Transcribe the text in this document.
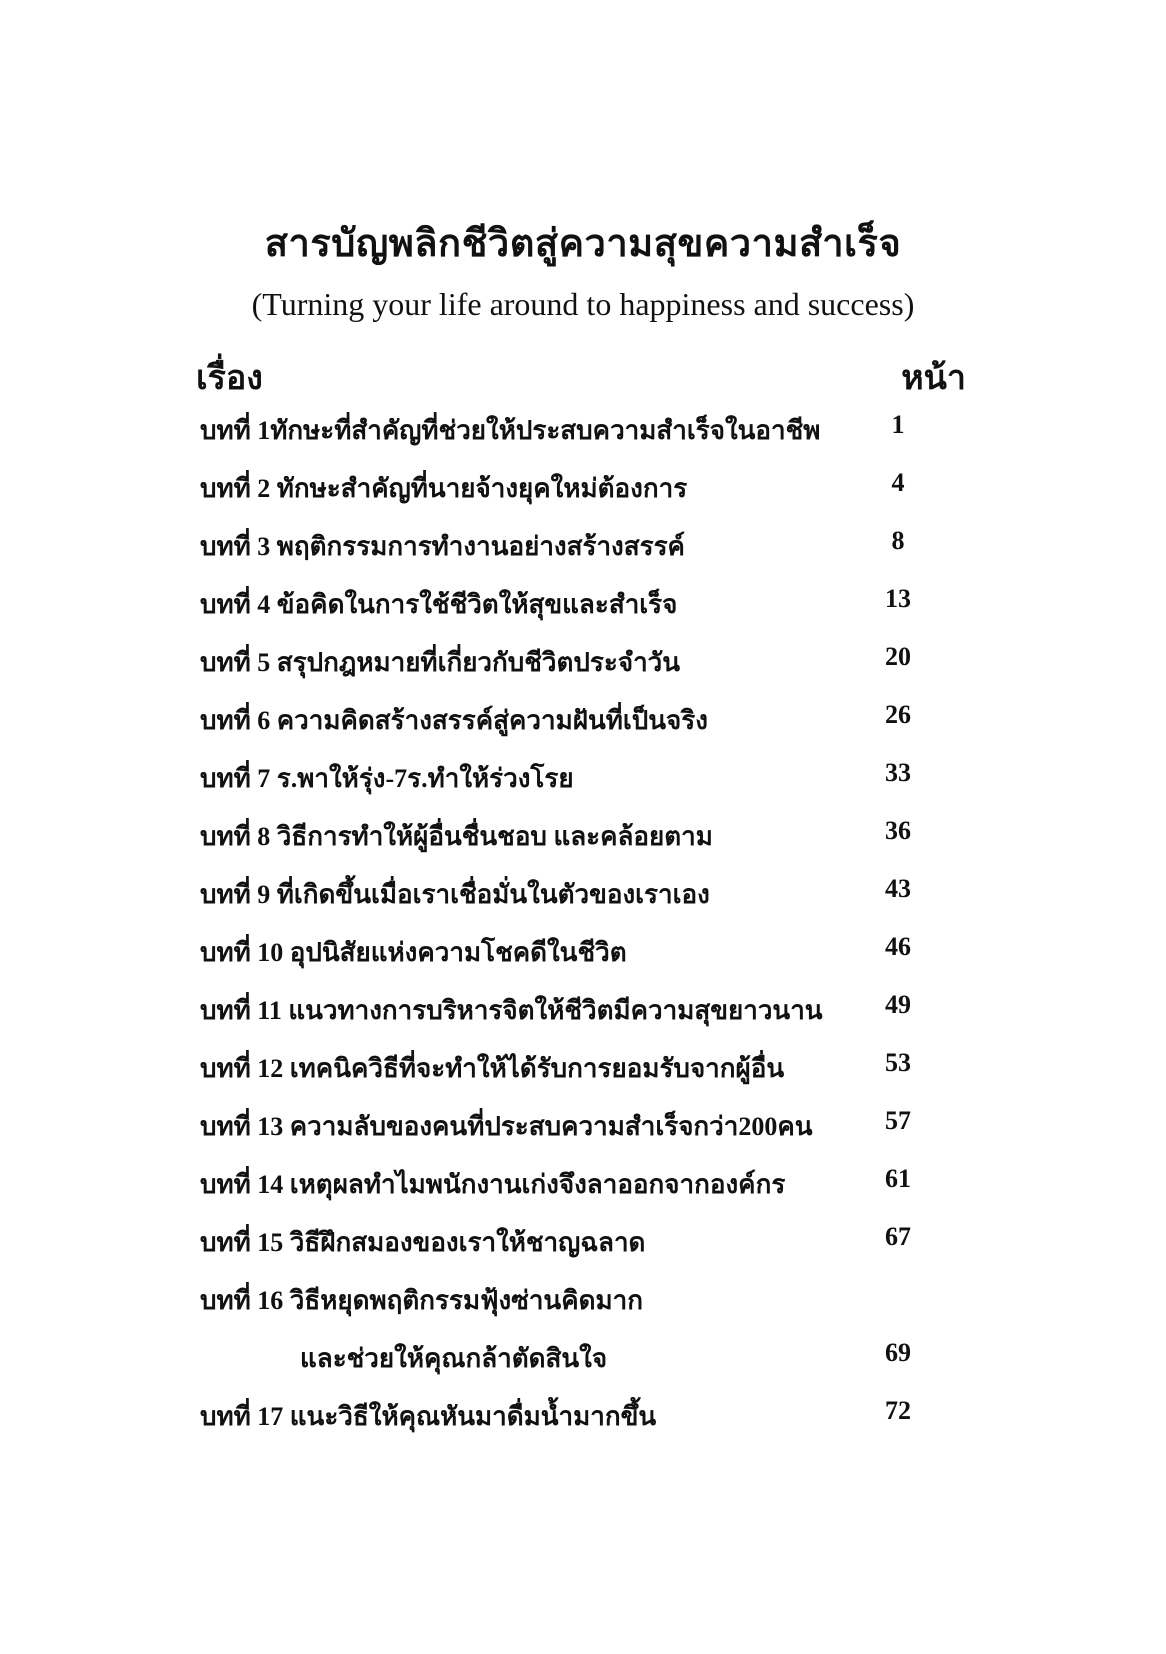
สารบัญพลิกชีวิตสู่ความสุขความสำเร็จ
(Turning your life around to happiness and success)
เรื่อง	หน้า
บทที่ 1ทักษะที่สำคัญที่ช่วยให้ประสบความสำเร็จในอาชีพ	1
บทที่ 2 ทักษะสำคัญที่นายจ้างยุคใหม่ต้องการ	4
บทที่ 3 พฤติกรรมการทำงานอย่างสร้างสรรค์	8
บทที่ 4 ข้อคิดในการใช้ชีวิตให้สุขและสำเร็จ	13
บทที่ 5 สรุปกฎหมายที่เกี่ยวกับชีวิตประจำวัน	20
บทที่ 6 ความคิดสร้างสรรค์สู่ความฝันที่เป็นจริง	26
บทที่ 7 ร.พาให้รุ่ง-7ร.ทำให้ร่วงโรย	33
บทที่ 8 วิธีการทำให้ผู้อื่นชื่นชอบ และคล้อยตาม	36
บทที่ 9 ที่เกิดขึ้นเมื่อเราเชื่อมั่นในตัวของเราเอง	43
บทที่ 10 อุปนิสัยแห่งความโชคดีในชีวิต	46
บทที่ 11 แนวทางการบริหารจิตให้ชีวิตมีความสุขยาวนาน	49
บทที่ 12 เทคนิควิธีที่จะทำให้ได้รับการยอมรับจากผู้อื่น	53
บทที่ 13 ความลับของคนที่ประสบความสำเร็จกว่า200คน	57
บทที่ 14 เหตุผลทำไมพนักงานเก่งจึงลาออกจากองค์กร	61
บทที่ 15 วิธีฝึกสมองของเราให้ชาญฉลาด	67
บทที่ 16 วิธีหยุดพฤติกรรมฟุ้งซ่านคิดมาก
และช่วยให้คุณกล้าตัดสินใจ	69
บทที่ 17 แนะวิธีให้คุณหันมาดื่มน้ำมากขึ้น	72
